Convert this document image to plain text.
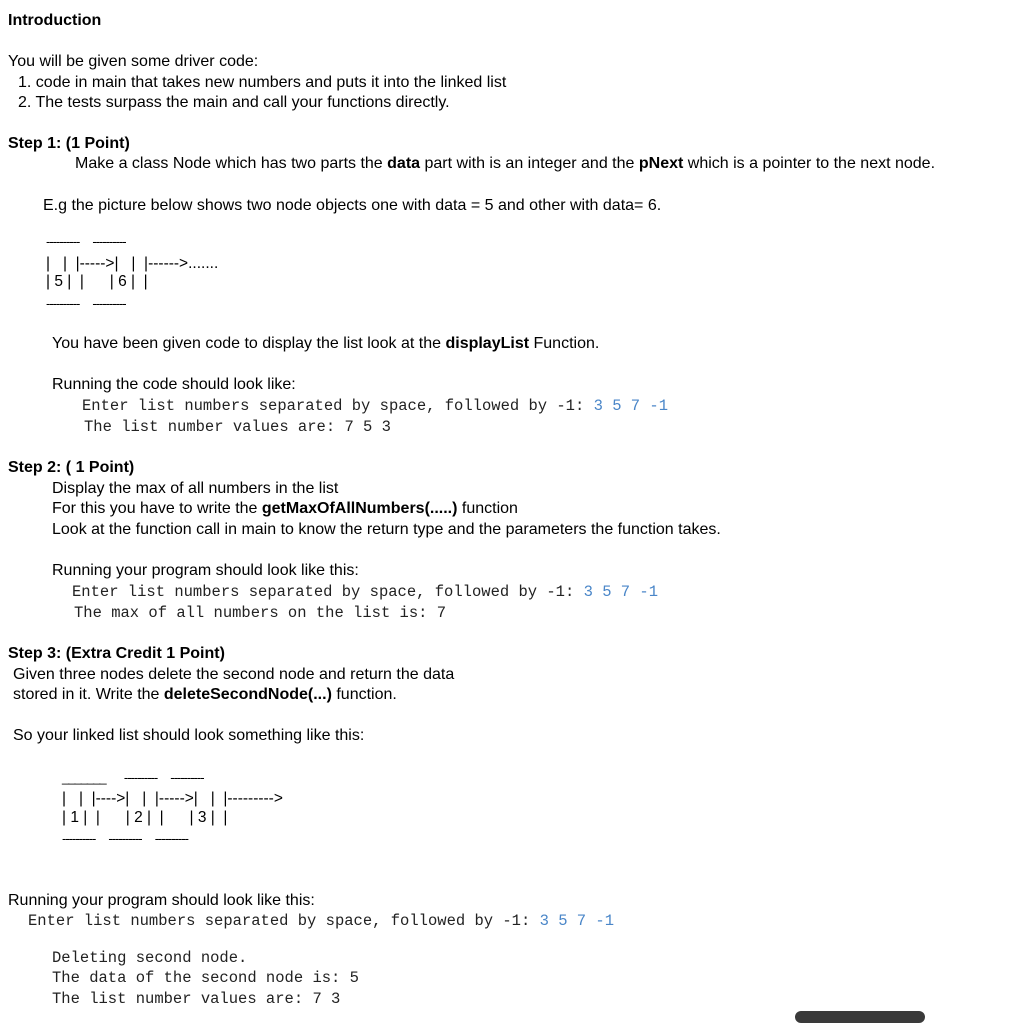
Introduction
You will be given some driver code:
1. code in main that takes new numbers and puts it into the linked list
2. The tests surpass the main and call your functions directly.
Step 1: (1 Point)
Make a class Node which has two parts the data part with is an integer and the pNext which is a pointer to the next node.
E.g the picture below shows two node objects one with data = 5 and other with data= 6.
----------     ----------
|   |  |----->|   |  |------>.......
| 5 |  |      | 6 |  |
----------     ----------
You have been given code to display the list look at the displayList Function.
Running the code should look like:
Enter list numbers separated by space, followed by -1: 3 5 7 -1
The list number values are: 7 5 3
Step 2: ( 1 Point)
Display the max of all numbers in the list
For this you have to write the getMaxOfAllNumbers(.....) function
Look at the function call in main to know the return type and the parameters the function takes.
Running your program should look like this:
Enter list numbers separated by space, followed by -1: 3 5 7 -1
The max of all numbers on the list is: 7
Step 3: (Extra Credit 1 Point)
Given three nodes delete the second node and return the data
stored in it. Write the deleteSecondNode(...) function.
So your linked list should look something like this:
_______       ----------     ----------
|   |  |---->|   |  |----->|   |  |--------->
| 1 |  |      | 2 |  |      | 3 |  |
----------     ----------     ----------
Running your program should look like this:
Enter list numbers separated by space, followed by -1: 3 5 7 -1
Deleting second node.
The data of the second node is: 5
The list number values are: 7 3
